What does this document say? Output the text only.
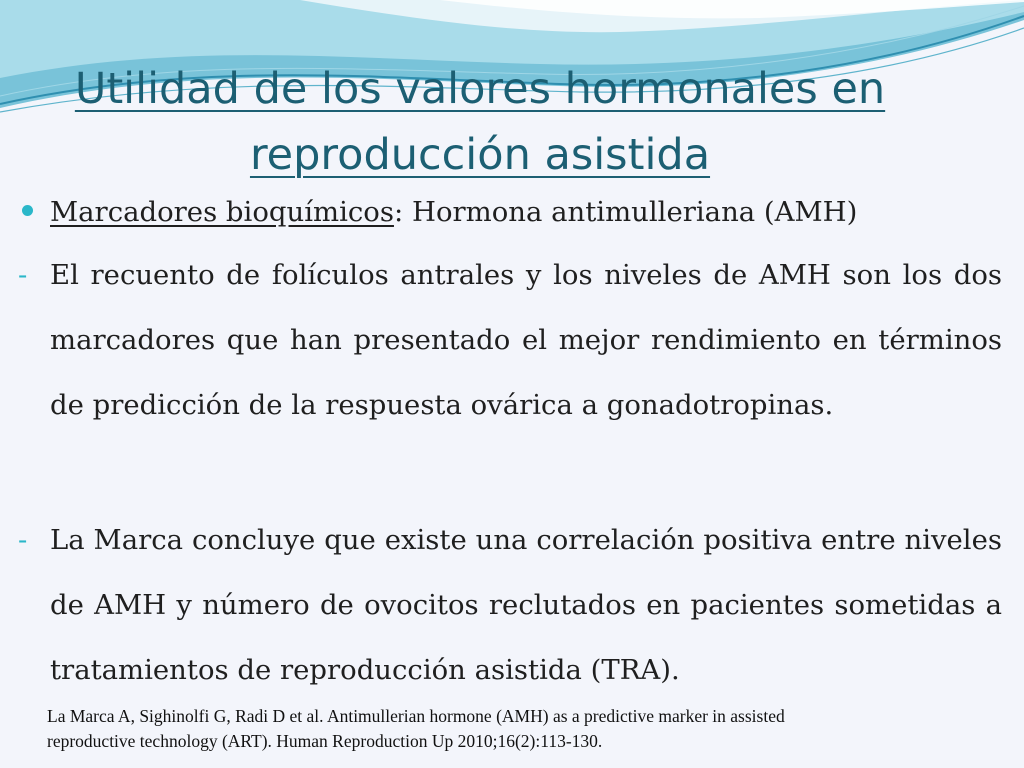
Utilidad de los valores hormonales en
reproducción asistida
Marcadores bioquímicos: Hormona antimulleriana (AMH)
- El recuento de folículos antrales y los niveles de AMH son los dos marcadores que han presentado el mejor rendimiento en términos de predicción de la respuesta ovárica a gonadotropinas.
- La Marca concluye que existe una correlación positiva entre niveles de AMH y número de ovocitos reclutados en pacientes sometidas a tratamientos de reproducción asistida (TRA).
La Marca A, Sighinolfi G, Radi D et al. Antimullerian hormone (AMH) as a predictive marker in assisted
reproductive technology (ART). Human Reproduction Up 2010;16(2):113-130.
